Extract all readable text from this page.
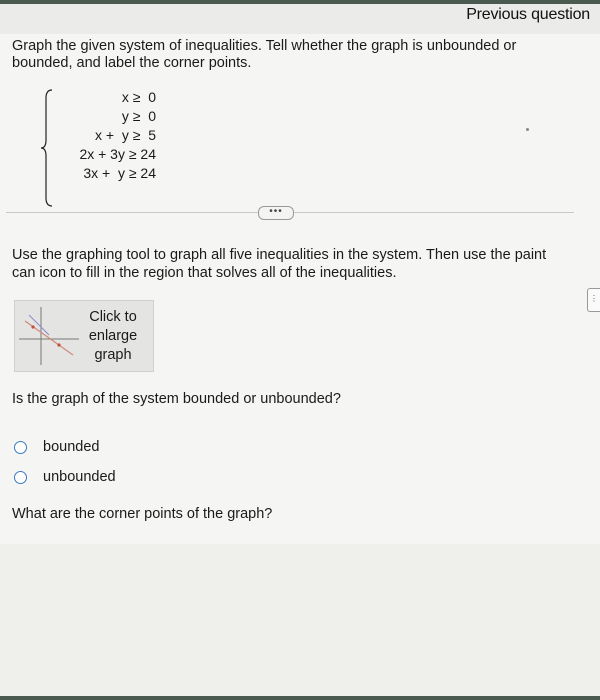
Previous question
Graph the given system of inequalities. Tell whether the graph is unbounded or bounded, and label the corner points.
x ≥  0
y ≥  0
x +  y ≥  5
2x + 3y ≥ 24
3x +  y ≥ 24
•••
Use the graphing tool to graph all five inequalities in the system. Then use the paint can icon to fill in the region that solves all of the inequalities.
⋮
Click to enlarge graph
Is the graph of the system bounded or unbounded?
bounded
unbounded
What are the corner points of the graph?
